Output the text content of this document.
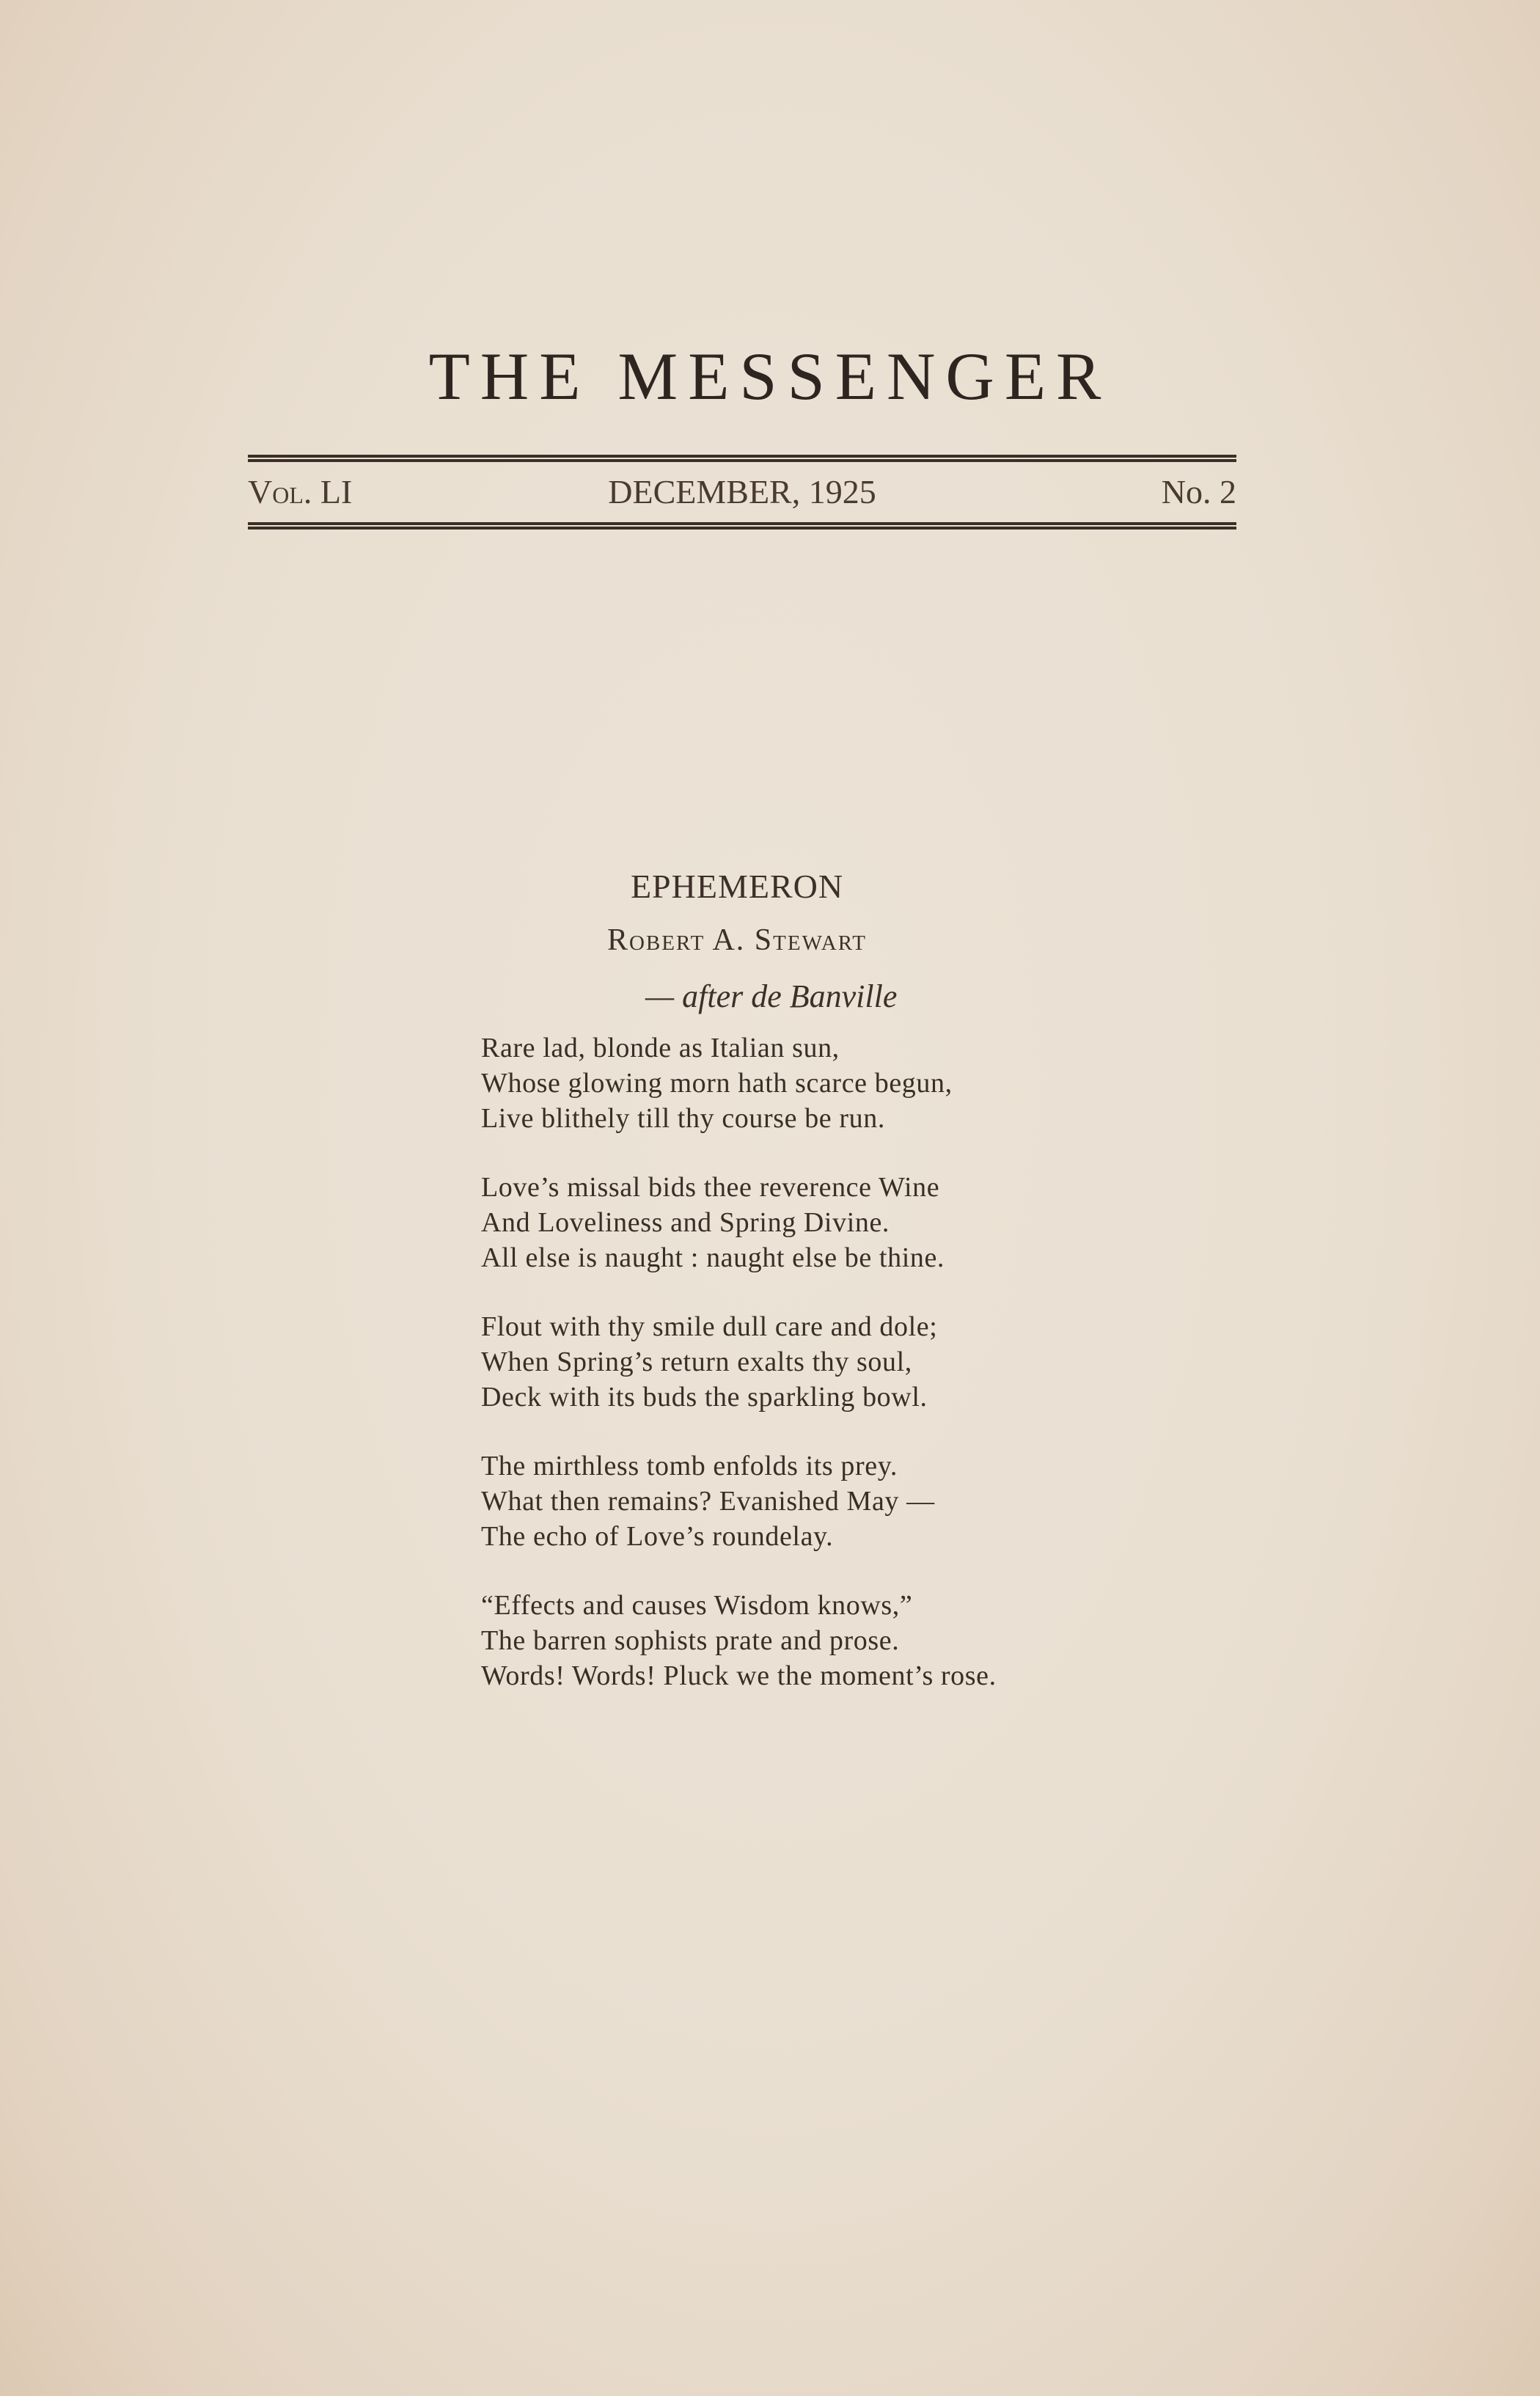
THE MESSENGER
Vol. LI	DECEMBER, 1925	No. 2
EPHEMERON
Robert A. Stewart
— after de Banville
Rare lad, blonde as Italian sun,
Whose glowing morn hath scarce begun,
Live blithely till thy course be run.
Love’s missal bids thee reverence Wine
And Loveliness and Spring Divine.
All else is naught : naught else be thine.
Flout with thy smile dull care and dole;
When Spring’s return exalts thy soul,
Deck with its buds the sparkling bowl.
The mirthless tomb enfolds its prey.
What then remains? Evanished May —
The echo of Love’s roundelay.
“Effects and causes Wisdom knows,”
The barren sophists prate and prose.
Words! Words! Pluck we the moment’s rose.
